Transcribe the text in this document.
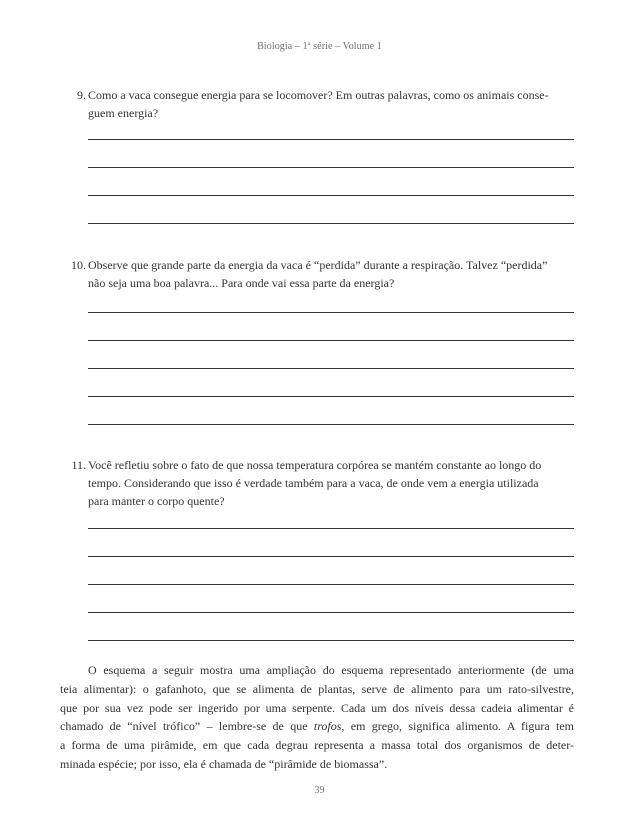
Biologia – 1ª série – Volume 1
9. Como a vaca consegue energia para se locomover? Em outras palavras, como os animais conse-
guem energia?
10. Observe que grande parte da energia da vaca é “perdida” durante a respiração. Talvez “perdida”
não seja uma boa palavra... Para onde vai essa parte da energia?
11. Você refletiu sobre o fato de que nossa temperatura corpórea se mantém constante ao longo do
tempo. Considerando que isso é verdade também para a vaca, de onde vem a energia utilizada
para manter o corpo quente?
O esquema a seguir mostra uma ampliação do esquema representado anteriormente (de uma
teia alimentar): o gafanhoto, que se alimenta de plantas, serve de alimento para um rato-silvestre,
que por sua vez pode ser ingerido por uma serpente. Cada um dos níveis dessa cadeia alimentar é
chamado de “nível trófico” – lembre-se de que trofos, em grego, significa alimento. A figura tem
a forma de uma pirâmide, em que cada degrau representa a massa total dos organismos de deter-
minada espécie; por isso, ela é chamada de “pirâmide de biomassa”.
39
